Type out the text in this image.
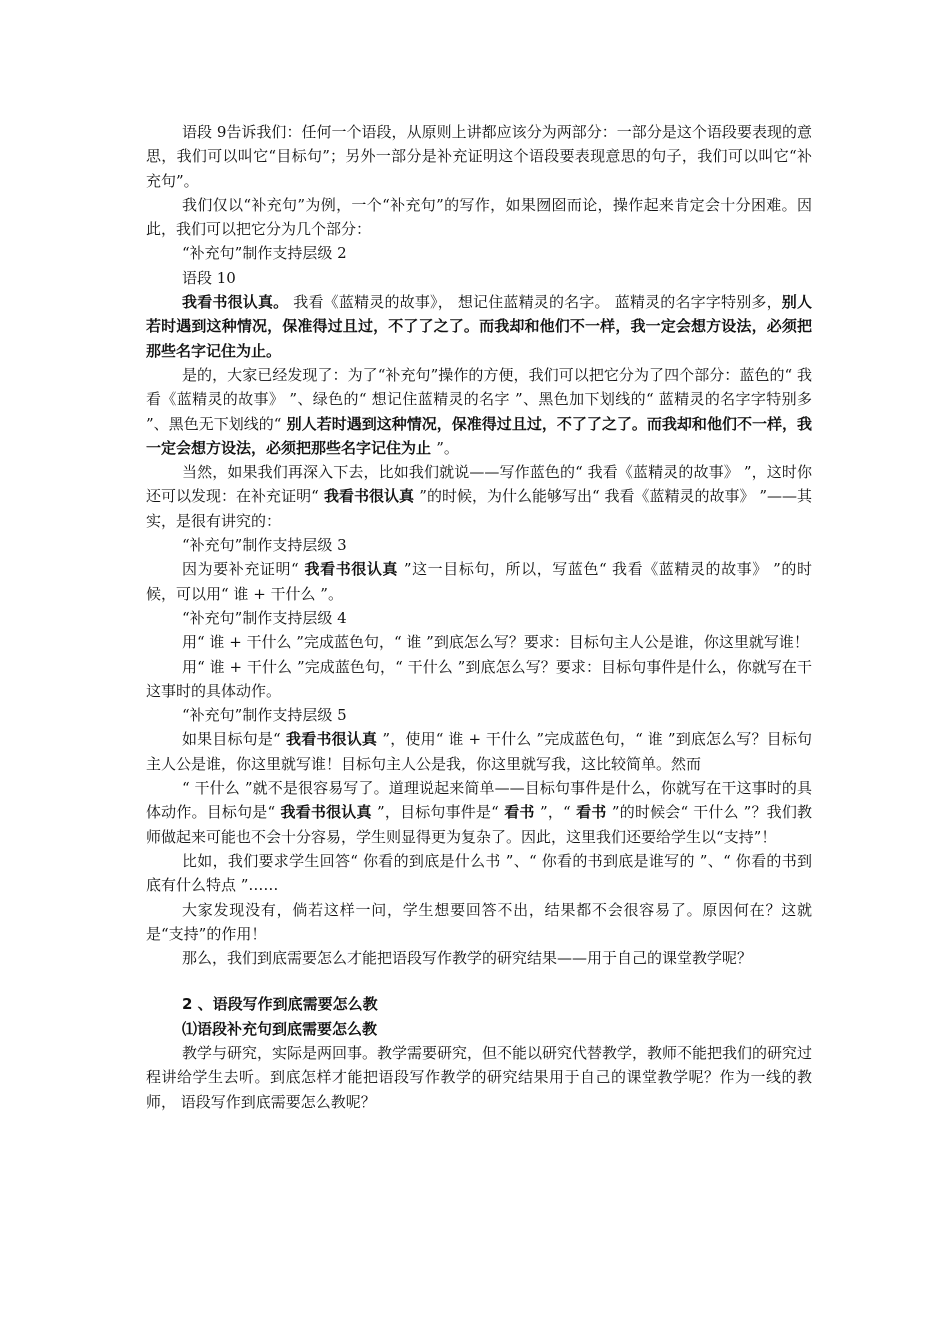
语段 9告诉我们：任何一个语段，从原则上讲都应该分为两部分：一部分是这个语段要表现的意思，我们可以叫它“目标句”；另外一部分是补充证明这个语段要表现意思的句子，我们可以叫它“补充句”。

我们仅以“补充句”为例，一个“补充句”的写作，如果囫囵而论，操作起来肯定会十分困难。因此，我们可以把它分为几个部分：

“补充句”制作支持层级 2

语段 10

我看书很认真。 我看《蓝精灵的故事》， 想记住蓝精灵的名字。 蓝精灵的名字字特别多，别人若时遇到这种情况，保准得过且过，不了了之了。而我却和他们不一样，我一定会想方设法，必须把那些名字记住为止。

是的，大家已经发现了：为了“补充句”操作的方便，我们可以把它分为了四个部分：蓝色的“ 我看《蓝精灵的故事》 ”、绿色的“ 想记住蓝精灵的名字 ”、黑色加下划线的“ 蓝精灵的名字字特别多 ”、黑色无下划线的“ 别人若时遇到这种情况，保准得过且过，不了了之了。而我却和他们不一样，我一定会想方设法，必须把那些名字记住为止 ”。

当然，如果我们再深入下去，比如我们就说——写作蓝色的“ 我看《蓝精灵的故事》 ”，这时你还可以发现：在补充证明“ 我看书很认真 ”的时候，为什么能够写出“ 我看《蓝精灵的故事》 ”——其实，是很有讲究的：

“补充句”制作支持层级 3

因为要补充证明“ 我看书很认真 ”这一目标句，所以，写蓝色“ 我看《蓝精灵的故事》 ”的时候，可以用“ 谁 + 干什么 ”。

“补充句”制作支持层级 4

用“ 谁 + 干什么 ”完成蓝色句，“ 谁 ”到底怎么写？要求：目标句主人公是谁，你这里就写谁！

用“ 谁 + 干什么 ”完成蓝色句，“ 干什么 ”到底怎么写？要求：目标句事件是什么，你就写在干这事时的具体动作。

“补充句”制作支持层级 5

如果目标句是“ 我看书很认真 ”，使用“ 谁 + 干什么 ”完成蓝色句，“ 谁 ”到底怎么写？目标句主人公是谁，你这里就写谁！目标句主人公是我，你这里就写我，这比较简单。然而

“ 干什么 ”就不是很容易写了。道理说起来简单——目标句事件是什么，你就写在干这事时的具体动作。目标句是“ 我看书很认真 ”，目标句事件是“ 看书 ”，“ 看书 ”的时候会“ 干什么 ”？我们教师做起来可能也不会十分容易，学生则显得更为复杂了。因此，这里我们还要给学生以“支持”！

比如，我们要求学生回答“ 你看的到底是什么书 ”、“ 你看的书到底是谁写的 ”、“ 你看的书到底有什么特点 ”……

大家发现没有，倘若这样一问，学生想要回答不出，结果都不会很容易了。原因何在？这就是“支持”的作用！

那么，我们到底需要怎么才能把语段写作教学的研究结果——用于自己的课堂教学呢？

2 、语段写作到底需要怎么教

⑴语段补充句到底需要怎么教

教学与研究，实际是两回事。教学需要研究，但不能以研究代替教学，教师不能把我们的研究过程讲给学生去听。到底怎样才能把语段写作教学的研究结果用于自己的课堂教学呢？作为一线的教师， 语段写作到底需要怎么教呢？
